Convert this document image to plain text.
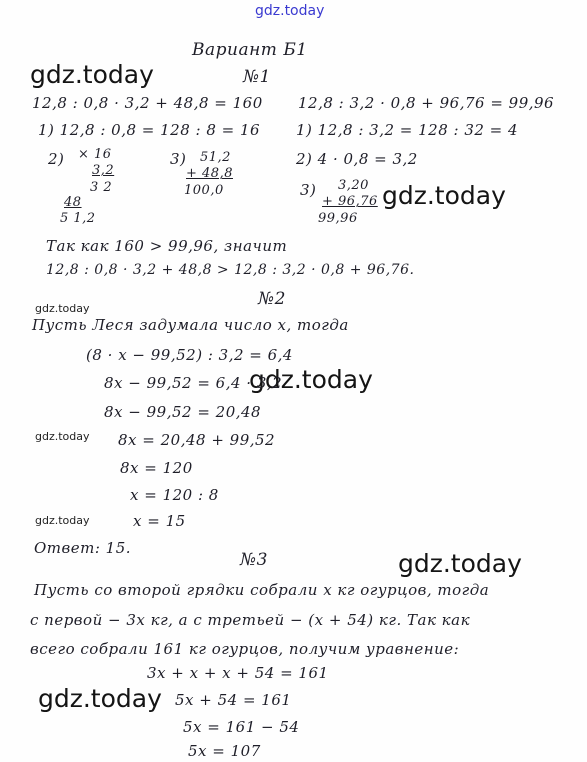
gdz.today
gdz.today
gdz.today
gdz.today
gdz.today
gdz.today
gdz.today
gdz.today
gdz.today
Вариант Б1
№1
12,8 : 0,8 · 3,2 + 48,8 = 160 12,8 : 3,2 · 0,8 + 96,76 = 99,96
1) 12,8 : 0,8 = 128 : 8 = 16 1) 12,8 : 3,2 = 128 : 32 = 4
2) × 16
3,2
3 2
48
5 1,2
3) 51,2
+ 48,8
100,0
2) 4 · 0,8 = 3,2
3) 3,20
+ 96,76
99,96
Так как 160 > 99,96, значит
12,8 : 0,8 · 3,2 + 48,8 > 12,8 : 3,2 · 0,8 + 96,76.
№2
Пусть Леся задумала число x, тогда
(8 · x − 99,52) : 3,2 = 6,4
8x − 99,52 = 6,4 · 3,2
8x − 99,52 = 20,48
8x = 20,48 + 99,52
8x = 120
x = 120 : 8
x = 15
Ответ: 15.
№3
Пусть со второй грядки собрали x кг огурцов, тогда
с первой − 3x кг, а с третьей − (x + 54) кг. Так как
всего собрали 161 кг огурцов, получим уравнение:
3x + x + x + 54 = 161
5x + 54 = 161
5x = 161 − 54
5x = 107
